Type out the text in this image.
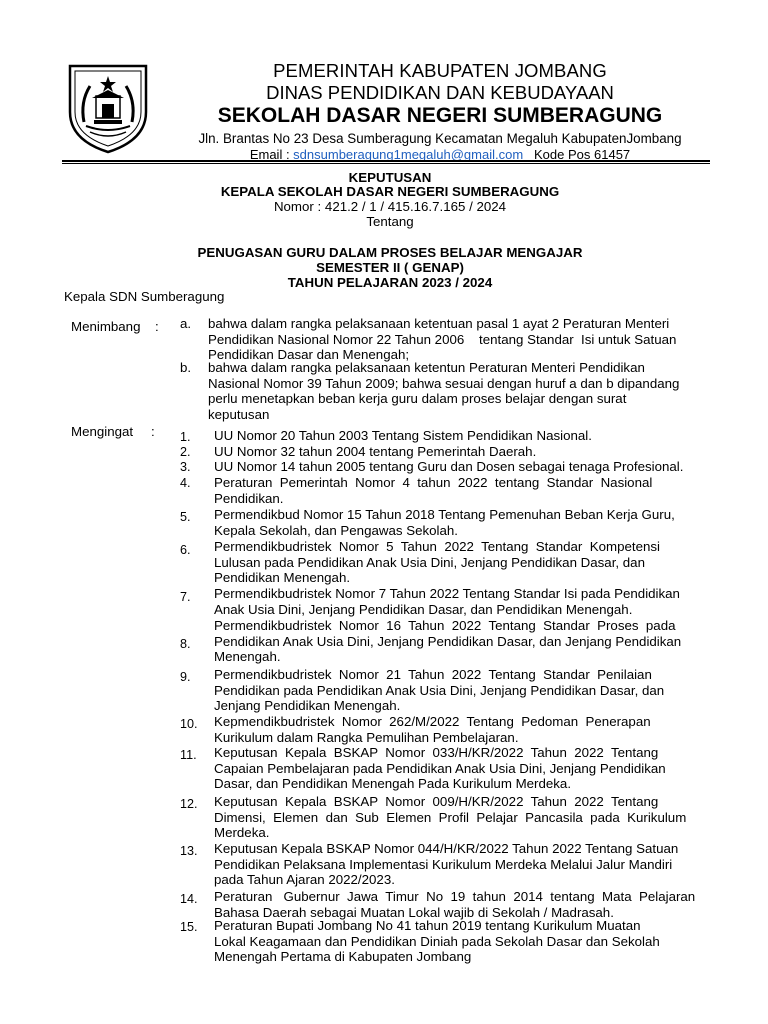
PEMERINTAH KABUPATEN JOMBANG
DINAS PENDIDIKAN DAN KEBUDAYAAN
SEKOLAH DASAR NEGERI SUMBERAGUNG
Jln. Brantas No 23 Desa Sumberagung Kecamatan Megaluh KabupatenJombang
Email : sdnsumberagung1megaluh@gmail.com Kode Pos 61457
KEPUTUSAN
KEPALA SEKOLAH DASAR NEGERI SUMBERAGUNG
Nomor : 421.2 / 1 / 415.16.7.165 / 2024
Tentang
PENUGASAN GURU DALAM PROSES BELAJAR MENGAJAR
SEMESTER II ( GENAP)
TAHUN PELAJARAN 2023 / 2024
Kepala SDN Sumberagung
Menimbang : a. bahwa dalam rangka pelaksanaan ketentuan pasal 1 ayat 2 Peraturan Menteri
Pendidikan Nasional Nomor 22 Tahun 2006    tentang Standar  Isi untuk Satuan
Pendidikan Dasar dan Menengah;
b. bahwa dalam rangka pelaksanaan ketentun Peraturan Menteri Pendidikan
Nasional Nomor 39 Tahun 2009; bahwa sesuai dengan huruf a dan b dipandang
perlu menetapkan beban kerja guru dalam proses belajar dengan surat
keputusan
Mengingat : 1. UU Nomor 20 Tahun 2003 Tentang Sistem Pendidikan Nasional.
2. UU Nomor 32 tahun 2004 tentang Pemerintah Daerah.
3. UU Nomor 14 tahun 2005 tentang Guru dan Dosen sebagai tenaga Profesional.
4. Peraturan  Pemerintah  Nomor  4  tahun  2022  tentang  Standar  Nasional
Pendidikan.
5. Permendikbud Nomor 15 Tahun 2018 Tentang Pemenuhan Beban Kerja Guru,
Kepala Sekolah, dan Pengawas Sekolah.
6. Permendikbudristek  Nomor  5  Tahun  2022  Tentang  Standar  Kompetensi
Lulusan pada Pendidikan Anak Usia Dini, Jenjang Pendidikan Dasar, dan
Pendidikan Menengah.
7. Permendikbudristek Nomor 7 Tahun 2022 Tentang Standar Isi pada Pendidikan
Anak Usia Dini, Jenjang Pendidikan Dasar, dan Pendidikan Menengah.
8.
Permendikbudristek  Nomor  16  Tahun  2022  Tentang  Standar  Proses  pada
Pendidikan Anak Usia Dini, Jenjang Pendidikan Dasar, dan Jenjang Pendidikan
Menengah.
9. Permendikbudristek  Nomor  21  Tahun  2022  Tentang  Standar  Penilaian
Pendidikan pada Pendidikan Anak Usia Dini, Jenjang Pendidikan Dasar, dan
Jenjang Pendidikan Menengah.
10. Kepmendikbudristek  Nomor  262/M/2022  Tentang  Pedoman  Penerapan
Kurikulum dalam Rangka Pemulihan Pembelajaran.
11. Keputusan  Kepala  BSKAP  Nomor  033/H/KR/2022  Tahun  2022  Tentang
Capaian Pembelajaran pada Pendidikan Anak Usia Dini, Jenjang Pendidikan
Dasar, dan Pendidikan Menengah Pada Kurikulum Merdeka.
12. Keputusan  Kepala  BSKAP  Nomor  009/H/KR/2022  Tahun  2022  Tentang
Dimensi,  Elemen  dan  Sub  Elemen  Profil  Pelajar  Pancasila  pada  Kurikulum
Merdeka.
13. Keputusan Kepala BSKAP Nomor 044/H/KR/2022 Tahun 2022 Tentang Satuan
Pendidikan Pelaksana Implementasi Kurikulum Merdeka Melalui Jalur Mandiri
pada Tahun Ajaran 2022/2023.
14. Peraturan   Gubernur  Jawa  Timur  No  19  tahun  2014  tentang  Mata  Pelajaran
Bahasa Daerah sebagai Muatan Lokal wajib di Sekolah / Madrasah.
15. Peraturan Bupati Jombang No 41 tahun 2019 tentang Kurikulum Muatan
Lokal Keagamaan dan Pendidikan Diniah pada Sekolah Dasar dan Sekolah
Menengah Pertama di Kabupaten Jombang
